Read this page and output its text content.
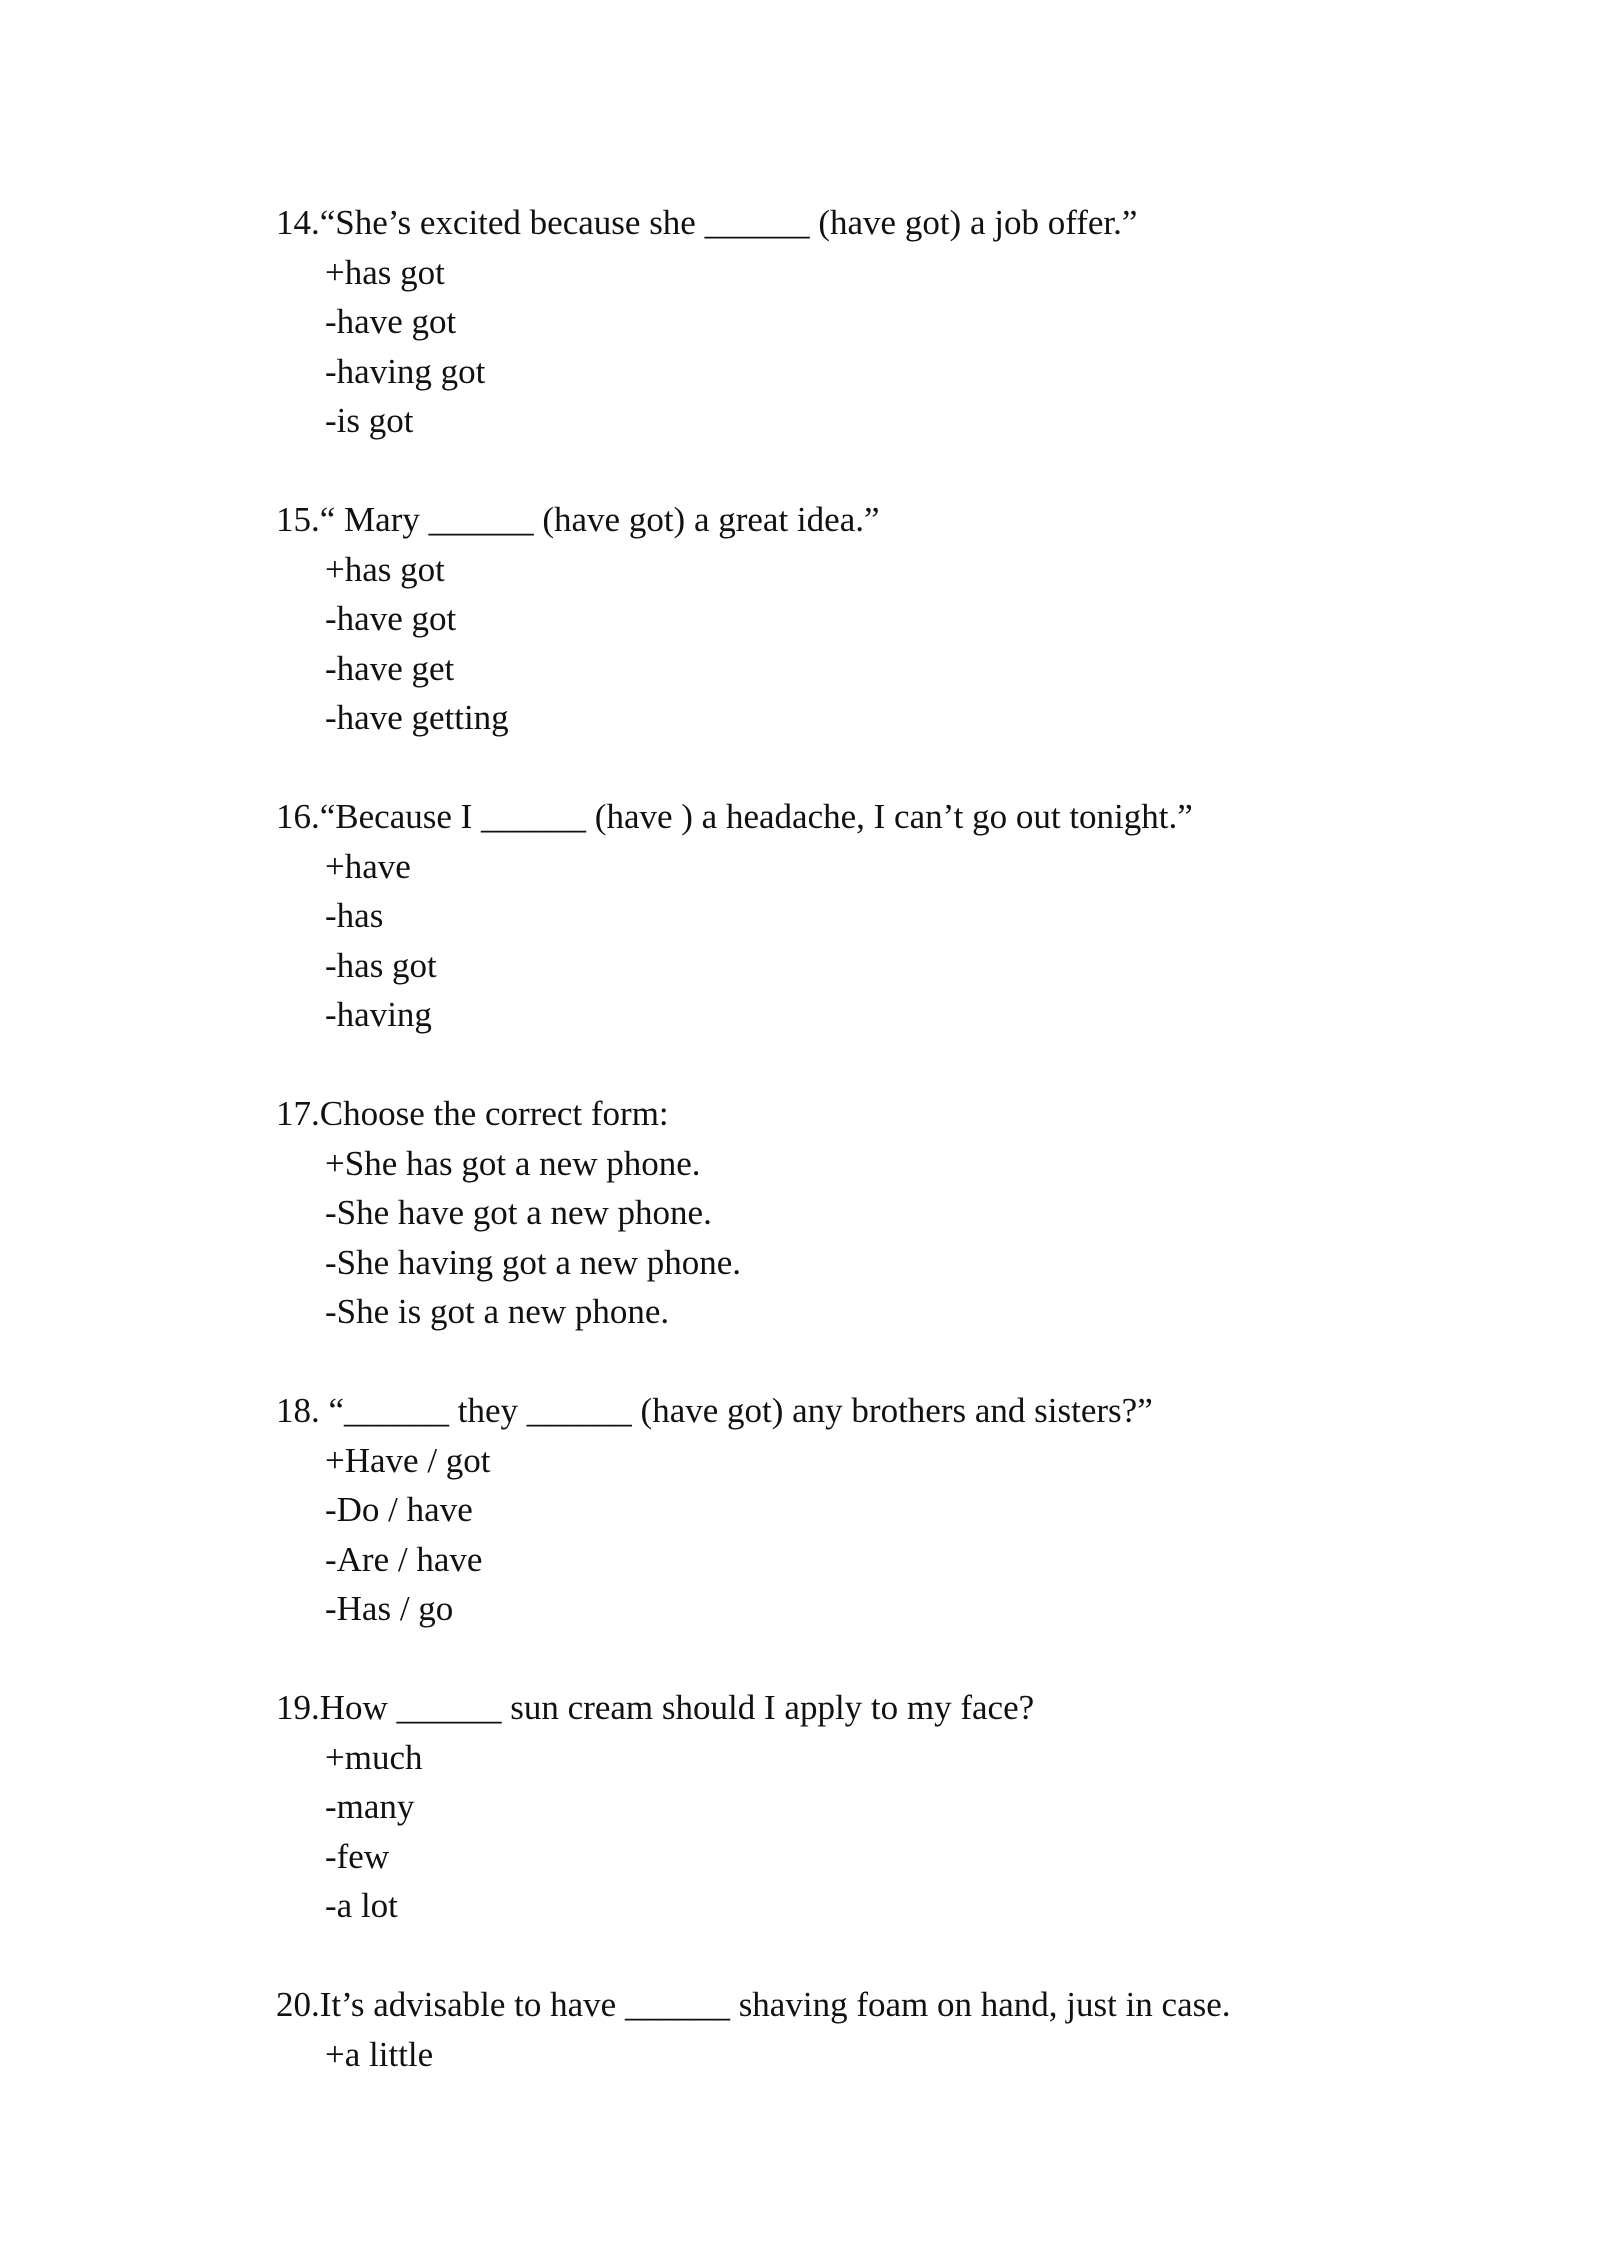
14. “She’s excited because she ______ (have got) a job offer.”
+has got
-have got
-having got
-is got
15. “ Mary ______ (have got) a great idea.”
+has got
-have got
-have get
-have getting
16. “Because I ______ (have ) a headache, I can’t go out tonight.”
+have
-has
-has got
-having
17. Choose the correct form:
+She has got a new phone.
-She have got a new phone.
-She having got a new phone.
-She is got a new phone.
18. “______ they ______ (have got) any brothers and sisters?”
+Have / got
-Do / have
-Are / have
-Has / go
19. How ______ sun cream should I apply to my face?
+much
-many
-few
-a lot
20. It’s advisable to have ______ shaving foam on hand, just in case.
+a little
